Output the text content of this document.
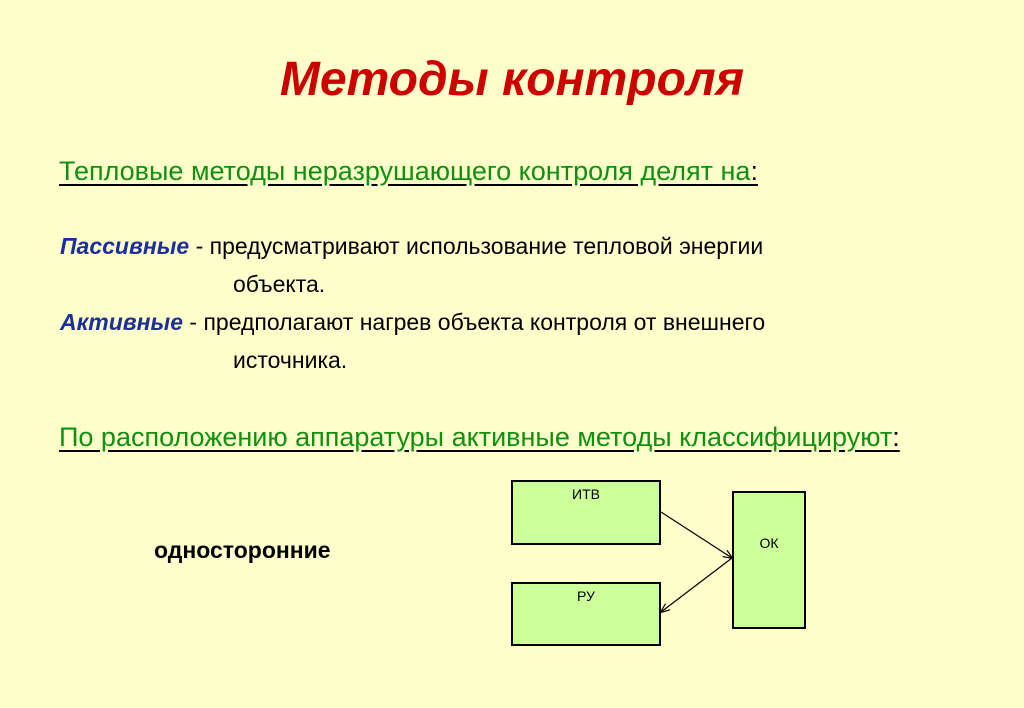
Методы контроля
Тепловые методы неразрушающего контроля делят на:
Пассивные - предусматривают использование тепловой энергии
объекта.
Активные - предполагают нагрев объекта контроля от внешнего
источника.
По расположению аппаратуры активные методы классифицируют:
односторонние
ИТВ
РУ
ОК
